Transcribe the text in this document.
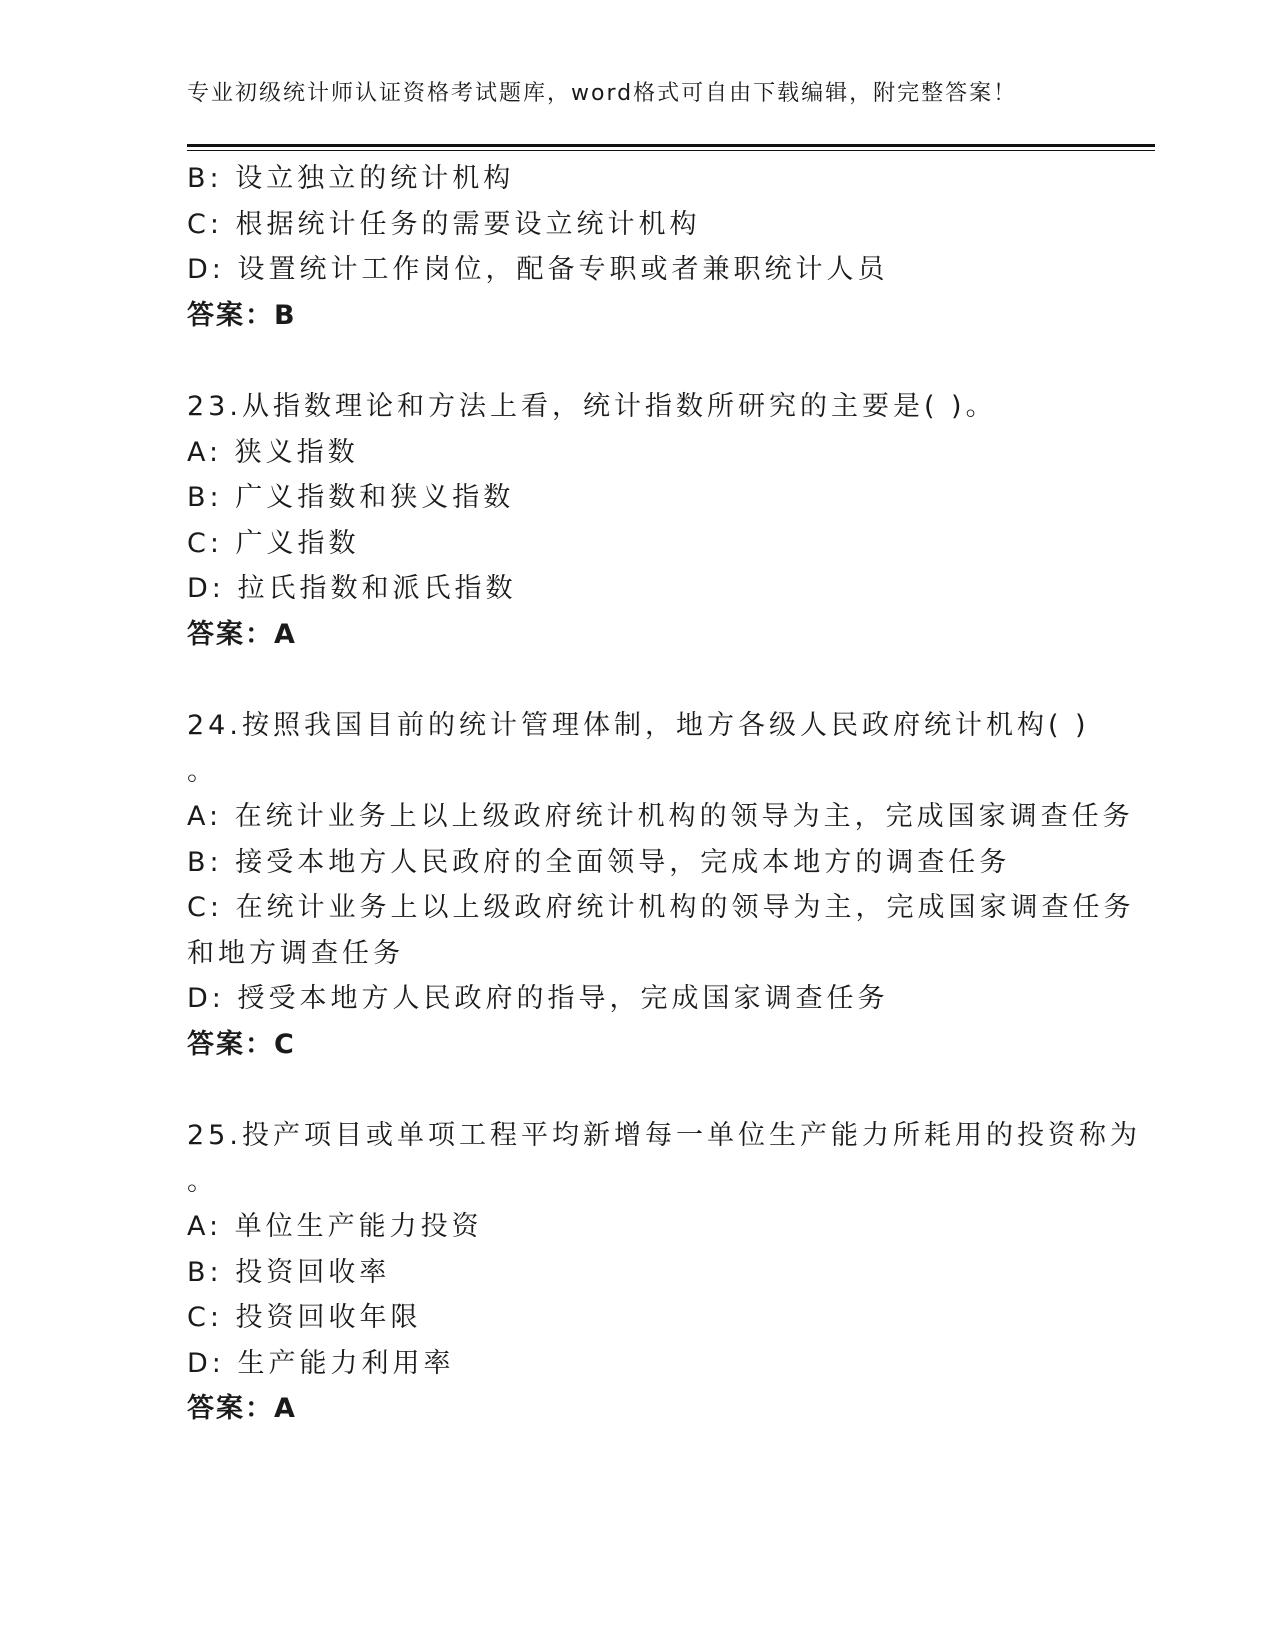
专业初级统计师认证资格考试题库，word格式可自由下载编辑，附完整答案！
B: 设立独立的统计机构
C: 根据统计任务的需要设立统计机构
D: 设置统计工作岗位，配备专职或者兼职统计人员
答案：B
23.从指数理论和方法上看，统计指数所研究的主要是( )。
A: 狭义指数
B: 广义指数和狭义指数
C: 广义指数
D: 拉氏指数和派氏指数
答案：A
24.按照我国目前的统计管理体制，地方各级人民政府统计机构( )
。
A: 在统计业务上以上级政府统计机构的领导为主，完成国家调查任务
B: 接受本地方人民政府的全面领导，完成本地方的调查任务
C: 在统计业务上以上级政府统计机构的领导为主，完成国家调查任务
和地方调查任务
D: 授受本地方人民政府的指导，完成国家调查任务
答案：C
25.投产项目或单项工程平均新增每一单位生产能力所耗用的投资称为
。
A: 单位生产能力投资
B: 投资回收率
C: 投资回收年限
D: 生产能力利用率
答案：A
